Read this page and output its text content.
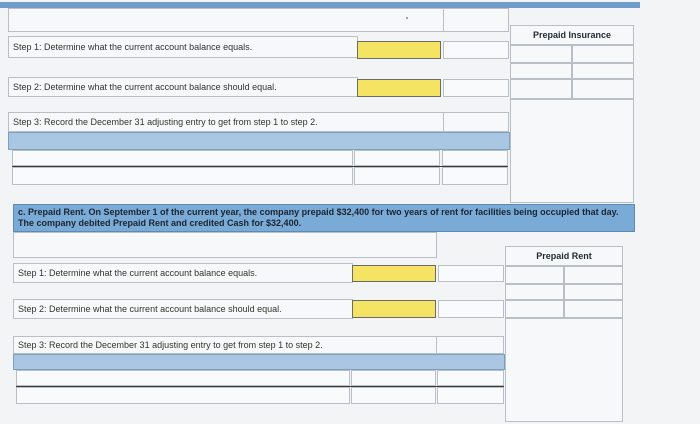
Step 1: Determine what the current account balance equals.
Step 2: Determine what the current account balance should equal.
Step 3: Record the December 31 adjusting entry to get from step 1 to step 2.
Prepaid Insurance
c. Prepaid Rent. On September 1 of the current year, the company prepaid $32,400 for two years of rent for facilities being occupied that day. The company debited Prepaid Rent and credited Cash for $32,400.
Step 1: Determine what the current account balance equals.
Step 2: Determine what the current account balance should equal.
Step 3: Record the December 31 adjusting entry to get from step 1 to step 2.
Prepaid Rent
